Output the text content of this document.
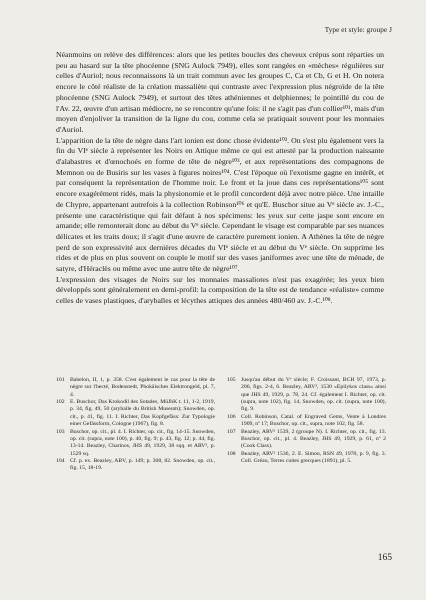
Type et style: groupe J

Néanmoins on relève des différences: alors que les petites boucles des cheveux crépus sont réparties un peu au hasard sur la tête phocéenne (SNG Aulock 7949), elles sont rangées en «mèches» régulières sur celles d'Auriol; nous reconnaissons là un trait commun avec les groupes C, Ca et Cb, G et H. On notera encore le côté réaliste de la création massaliète qui contraste avec l'expression plus négroïde de la tête phocéenne (SNG Aulock 7949), et surtout des têtes athéniennes et delphiennes; le pointillé du cou de l'Av. 22, œuvre d'un artisan médiocre, ne se rencontre qu'une fois: il ne s'agit pas d'un collier¹⁰¹, mais d'un moyen d'enjoliver la transition de la ligne du cou, comme cela se pratiquait souvent pour les monnaies d'Auriol.

L'apparition de la tête de nègre dans l'art ionien est donc chose évidente¹⁰². On s'est plu également vers la fin du VIᵉ siècle à représenter les Noirs en Attique même ce qui est attesté par la production naissante d'alabastres et d'œnochoés en forme de tête de nègre¹⁰³, et aux représentations des compagnons de Memnon ou de Busiris sur les vases à figures noires¹⁰⁴. C'est l'époque où l'exotisme gagne en intérêt, et par conséquent la représentation de l'homme noir. Le front et la joue dans ces représentations¹⁰⁵ sont encore exagérément ridés, mais la physionomie et le profil concordent déjà avec notre pièce. Une intaille de Chypre, appartenant autrefois à la collection Robinson¹⁰⁶ et qu'E. Buschor situe au Vᵉ siècle av. J.-C., présente une caractéristique qui fait défaut à nos spécimens: les yeux sur cette jaspe sont encore en amande; elle remonterait donc au début du Vᵉ siècle. Cependant le visage est comparable par ses nuances délicates et les traits doux; il s'agit d'une œuvre de caractère purement ionien. A Athènes la tête de nègre perd de son expressivité aux dernières décades du VIᵉ siècle et au début du Vᵉ siècle. On supprime les rides et de plus en plus souvent on couple le motif sur des vases janiformes avec une tête de ménade, de satyre, d'Héraclès ou même avec une autre tête de nègre¹⁰⁷.

L'expression des visages de Noirs sur les monnaies massaliotes n'est pas exagérée; les yeux bien développés sont généralement en demi-profil: la composition de la tête est de tendance «réaliste» comme celles de vases plastiques, d'aryballes et lécythes attiques des années 480/460 av. J.-C.¹⁰⁸.

101 Babelon, II, 1, p. 358. C'est également le cas pour la tête de nègre sur l'hecté, Bodenstedt, Phokäisches Elektrongeld, pl. 7, 4.
102 E. Buschor, Das Krokodil des Sotades, MüJhK t. 11, 1-2, 1919, p. 34, fig. 49, 50 (aryballe du British Museum); Snowden, op. cit., p. 41, fig. 11. I. Richter, Das Kopfgefäss: Zur Typologie einer Gefässform, Cologne (1967), fig. 8.
103 Buschor, op. cit., pl. 4. I. Richter, op. cit., fig. 14-15. Snowden, op. cit. (supra, note 100), p. 40, fig. 9; p. 43, fig. 12; p. 44, fig. 13-14. Beazley, Charinos, JHS 49, 1929, 38 sqq. et ARV², p. 1529 sq.
104 Cf. p. ex. Beazley, ABV, p. 149; p. 308, 82. Snowden, op. cit., fig. 15, 18-19.
105 Jusqu'au début du Vᵉ siècle; F. Croissant, BCH 97, 1973, p. 206, figs. 2-4, 6. Beazley, ARV², 1530 «Epilykos class» ainsi que JHS 49, 1929, p. 78, 24. Cf. également I. Richter, op. cit. (supra, note 102), fig. 14, Snowden, op. cit. (supra, note 100), fig. 9.
106 Coll. Robinson, Catal. of Engraved Gems, Vente à Londres 1909, nº 17; Buschor, op. cit., supra, note 102, fig. 58.
107 Beazley, ARV² 1539, 2 (groupe N). I. Richter, op. cit., fig. 13. Buschor, op. cit., pl. 4. Beazley, JHS 49, 1929, p. 61, nº 2 (Cook Class).
108 Beazley, ARV² 1536, 2. E. Simon, RSN 49, 1970, p. 9, fig. 3. Coll. Gréau, Terres cuites grecques (1891), pl. 5.
165
